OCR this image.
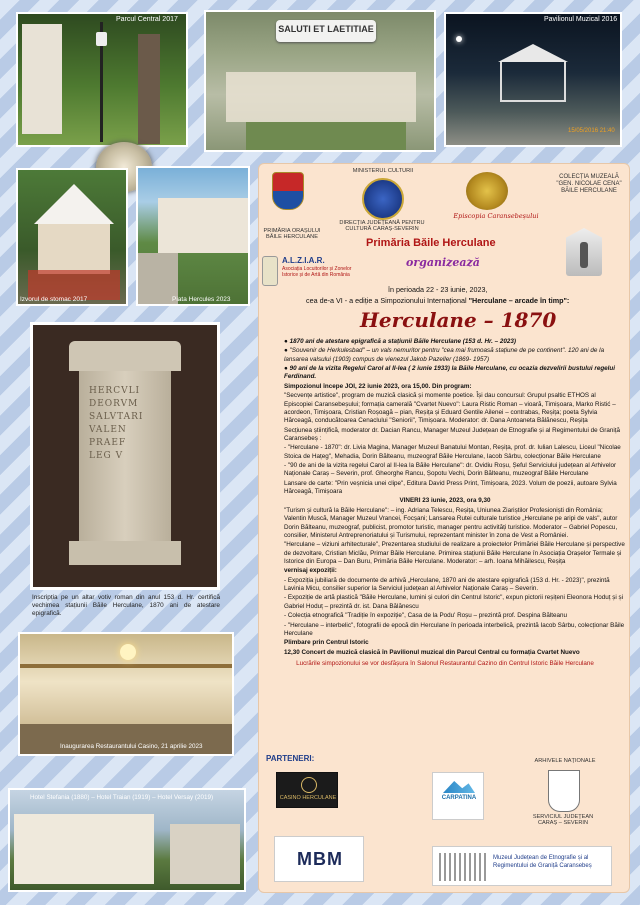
Parcul Central 2017
SALUTI ET LAETITIAE
Pavilionul Muzical 2016
15/05/2016 21:40
Izvorul de stomac 2017	Piata Hercules 2023
HERCVLI
DEORVM
SALVTARI
VALEN
PRAEF
LEG V
Inscripția pe un altar votiv roman din anul 153 d. Hr. certifică vechimea stațiunii Băile Herculane, 1870 ani de atestare epigrafică.
Inaugurarea Restaurantului Casino, 21 aprilie 2023
Hotel Stefania (1880) – Hotel Traian (1919) – Hotel Versay (2019)
PRIMĂRIA ORAȘULUI BĂILE HERCULANE
MINISTERUL CULTURII
DIRECȚIA JUDEȚEANĂ PENTRU CULTURĂ CARAȘ-SEVERIN
Episcopia Caransebeșului
COLECȚIA MUZEALĂ "GEN. NICOLAE CENA" BĂILE HERCULANE
Primăria Băile Herculane
A.L.Z.I.A.R.
Asociația Locuitorilor și Zonelor Istorice și de Artă din România
organizează
în perioada 22 - 23 iunie, 2023,
cea de-a VI - a ediție a Simpozionului Internațional "Herculane – arcade în timp":
Herculane – 1870

● 1870 ani de atestare epigrafică a stațiunii Băile Herculane (153 d. Hr. – 2023)

● "Souvenir de Herkulesbad" – un vals nemuritor pentru "cea mai frumoasă stațiune de pe continent". 120 ani de la lansarea valsului (1903) compus de vienezul Jakob Pazeller (1869- 1957)

● 90 ani de la vizita Regelui Carol al II-lea ( 2 iunie 1933) la Băile Herculane, cu ocazia dezvelirii bustului regelui Ferdinand.

Simpozionul începe JOI, 22 iunie 2023, ora 15,00. Din program:

"Secvențe artistice", program de muzică clasică și momente poetice. Își dau concursul: Grupul psaltic ETHOS al Episcopiei Caransebeșului; formația camerală "Cvartet Nuevo": Laura Ristic Roman – vioară, Timișoara, Marko Ristić – acordeon, Timișoara, Cristian Roșoagă – pian, Reșița și Eduard Gentile Ailenei – contrabas, Reșița; poeta Sylvia Hărceagă, conducătoarea Cenaclului "Seniorii", Timișoara. Moderator: dr. Dana Antoaneta Bălănescu, Reșița

Secțiunea științifică, moderator dr. Dacian Rancu, Manager Muzeul Județean de Etnografie și al Regimentului de Graniță Caransebeș :

- "Herculane - 1870": dr. Livia Magina, Manager Muzeul Banatului Montan, Reșița, prof. dr. Iulian Lalescu, Liceul "Nicolae Stoica de Hațeg", Mehadia, Dorin Bălteanu, muzeograf Băile Herculane, Iacob Sârbu, colecționar Băile Herculane

- "90 de ani de la vizita regelui Carol al II-lea la Băile Herculane": dr. Ovidiu Roșu, Șeful Serviciului județean al Arhivelor Naționale Caraș – Severin, prof. Gheorghe Rancu, Șopotu Vechi, Dorin Bălteanu, muzeograf Băile Herculane

Lansare de carte: "Prin veșnicia unei clipe", Editura David Press Print, Timișoara, 2023. Volum de poezii, autoare Sylvia Hărceagă, Timișoara

VINERI 23 iunie, 2023, ora 9,30

"Turism și cultură la Băile Herculane": – ing. Adriana Telescu, Reșița, Uniunea Ziariștilor Profesioniști din România; Valentin Muscă, Manager Muzeul Vrancei, Focșani; Lansarea Rutei culturale turistice „Herculane pe aripi de vals", autor Dorin Bălteanu, muzeograf, publicist, promotor turistic, manager pentru activități turistice. Moderator – Gabriel Popescu, consilier, Ministerul Antreprenoriatului și Turismului, reprezentant minister în zona de Vest a României.

"Herculane – viziuni arhitecturale", Prezentarea studiului de realizare a proiectelor Primăriei Băile Herculane și perspective de dezvoltare, Cristian Miclău, Primar Băile Herculane. Primirea stațiunii Băile Herculane în Asociația Orașelor Termale și Istorice din Europa – Dan Buru, Primăria Băile Herculane. Moderator: – arh. Ioana Mihăilescu, Reșița

vernisaj expoziții:

- Expoziția jubiliară de documente de arhivă „Herculane, 1870 ani de atestare epigrafică (153 d. Hr. - 2023)", prezintă Lavinia Micu, consilier superior la Serviciul județean al Arhivelor Naționale Caraș – Severin.

- Expoziție de artă plastică "Băile Herculane, lumini și culori din Centrul Istoric", expun pictorii reșițeni Eleonora Hoduț și și Gabriel Hoduț – prezintă dr. ist. Dana Bălănescu

- Colecția etnografică "Tradiție în expoziție", Casa de la Podu' Roșu – prezintă prof. Despina Bălteanu

- "Herculane – interbelic", fotografii de epocă din Herculane în perioada interbelică, prezintă Iacob Sârbu, colecționar Băile Herculane

Plimbare prin Centrul Istoric

12,30 Concert de muzică clasică în Pavilionul muzical din Parcul Central cu formația Cvartet Nuevo

Lucrările simpozionului se vor desfășura în Salonul Restaurantul Cazino din Centrul Istoric Băile Herculane

PARTENERI:	ARHIVELE NAȚIONALE
SERVICIUL JUDEȚEAN CARAȘ – SEVERIN
CASINO HERCULANE	CARPATINA
MBM	Muzeul Județean de Etnografie și al Regimentului de Graniță Caransebeș
